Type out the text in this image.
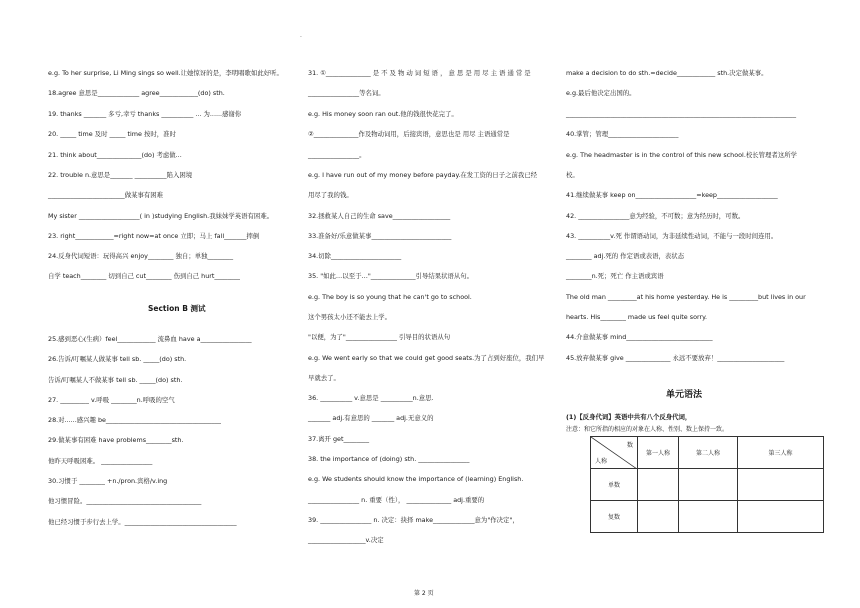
·
e.g. To her surprise, Li Ming sings so well.让她惊讶的是，李明唱歌如此好听。
18.agree 意思是_____________ agree____________(do) sth.
19. thanks _______ 多亏,幸亏 thanks __________ ... 为......感谢你
20. _____ time 及时 _____ time 按时，准时
21. think about______________(do) 考虑做...
22. trouble n.意思是_______ __________陷入困境
________________________做某事有困难
My sister ___________________( in )studying English.我妹妹学英语有困难。
23. right____________=right now=at once 立即；马上 fall_______摔倒
24.反身代词短语：玩得高兴 enjoy________ 独自；单独________
自学 teach________ 切到自己 cut________ 伤到自己 hurt________
Section B 测试
25.感到恶心(生病）feel____________ 流鼻血 have a________________
26.告诉/叮嘱某人做某事 tell sb. _____(do) sth.
告诉/叮嘱某人不做某事 tell sb. _____(do) sth.
27. _________ v.呼吸 ________n.呼吸的空气
28.对......感兴趣 be____________________________________
29.做某事有困难 have problems________sth.
他昨天呼吸困难。 ________________
30.习惯于 ________ +n./pron.宾格/v.ing
他习惯冒险。____________________________________
他已经习惯于步行去上学。___________________________________
31. ①______________ 是 不 及 物 动 词 短 语 ， 意 思 是 用 尽 主 语 通 常 是
________________等名词。
e.g. His money soon ran out.他的钱很快花完了。
②______________作及物动词用，后接宾语，意思也是 用尽 主语通常是
________________。
e.g. I have run out of my money before payday.在发工资的日子之前我已经
用尽了我的钱。
32.拯救某人自己的生命 save__________________
33.准备好/乐意做某事_________________________
34.切除______________________
35. "如此…以至于…"______________引导结果状语从句。
e.g. The boy is so young that he can't go to school.
这个男孩太小还不能去上学。
"以便，为了"________________ 引导目的状语从句
e.g. We went early so that we could get good seats.为了占到好座位，我们早
早就去了。
36. __________ v.意思是 __________n.意思.
_______ adj.有意思的 _______ adj.无意义的
37.离开 get________
38. the importance of (doing) sth. ________________
e.g. We students should know the importance of (learning) English.
________________ n. 重要（性）， ______________ adj.重要的
39. ________________ n. 决定：抉择 make_____________意为"作决定"，
__________________v.决定
make a decision to do sth.=decide____________ sth.决定做某事。
e.g.最后他决定出国的。
________________________________________________________________________
40.掌管；管理______________________
e.g. The headmaster is in the control of this new school.校长管理者这所学
校。
41.继续做某事 keep on___________________=keep___________________
42. ________________意为经验，不可数；意为经历时，可数。
43. __________v.死 作谓语动词，为非延续性动词，不能与一段时间连用。
________ adj.死的 作定语或表语，表状态
________n.死；死亡 作主语或宾语
The old man _________at his home yesterday. He is _________but lives in our
hearts. His________ made us feel quite sorry.
44.介意做某事 mind___________________________
45.放弃做某事 give ______________ 永远不要放弃！_____________________
单元语法
(1)【反身代词】英语中共有八个反身代词，
注意：和它所指的相应的对象在人称、性别、数上保持一致。
数
人称	第一人称	第二人称	第三人称
单数			
复数			
第 2 页
